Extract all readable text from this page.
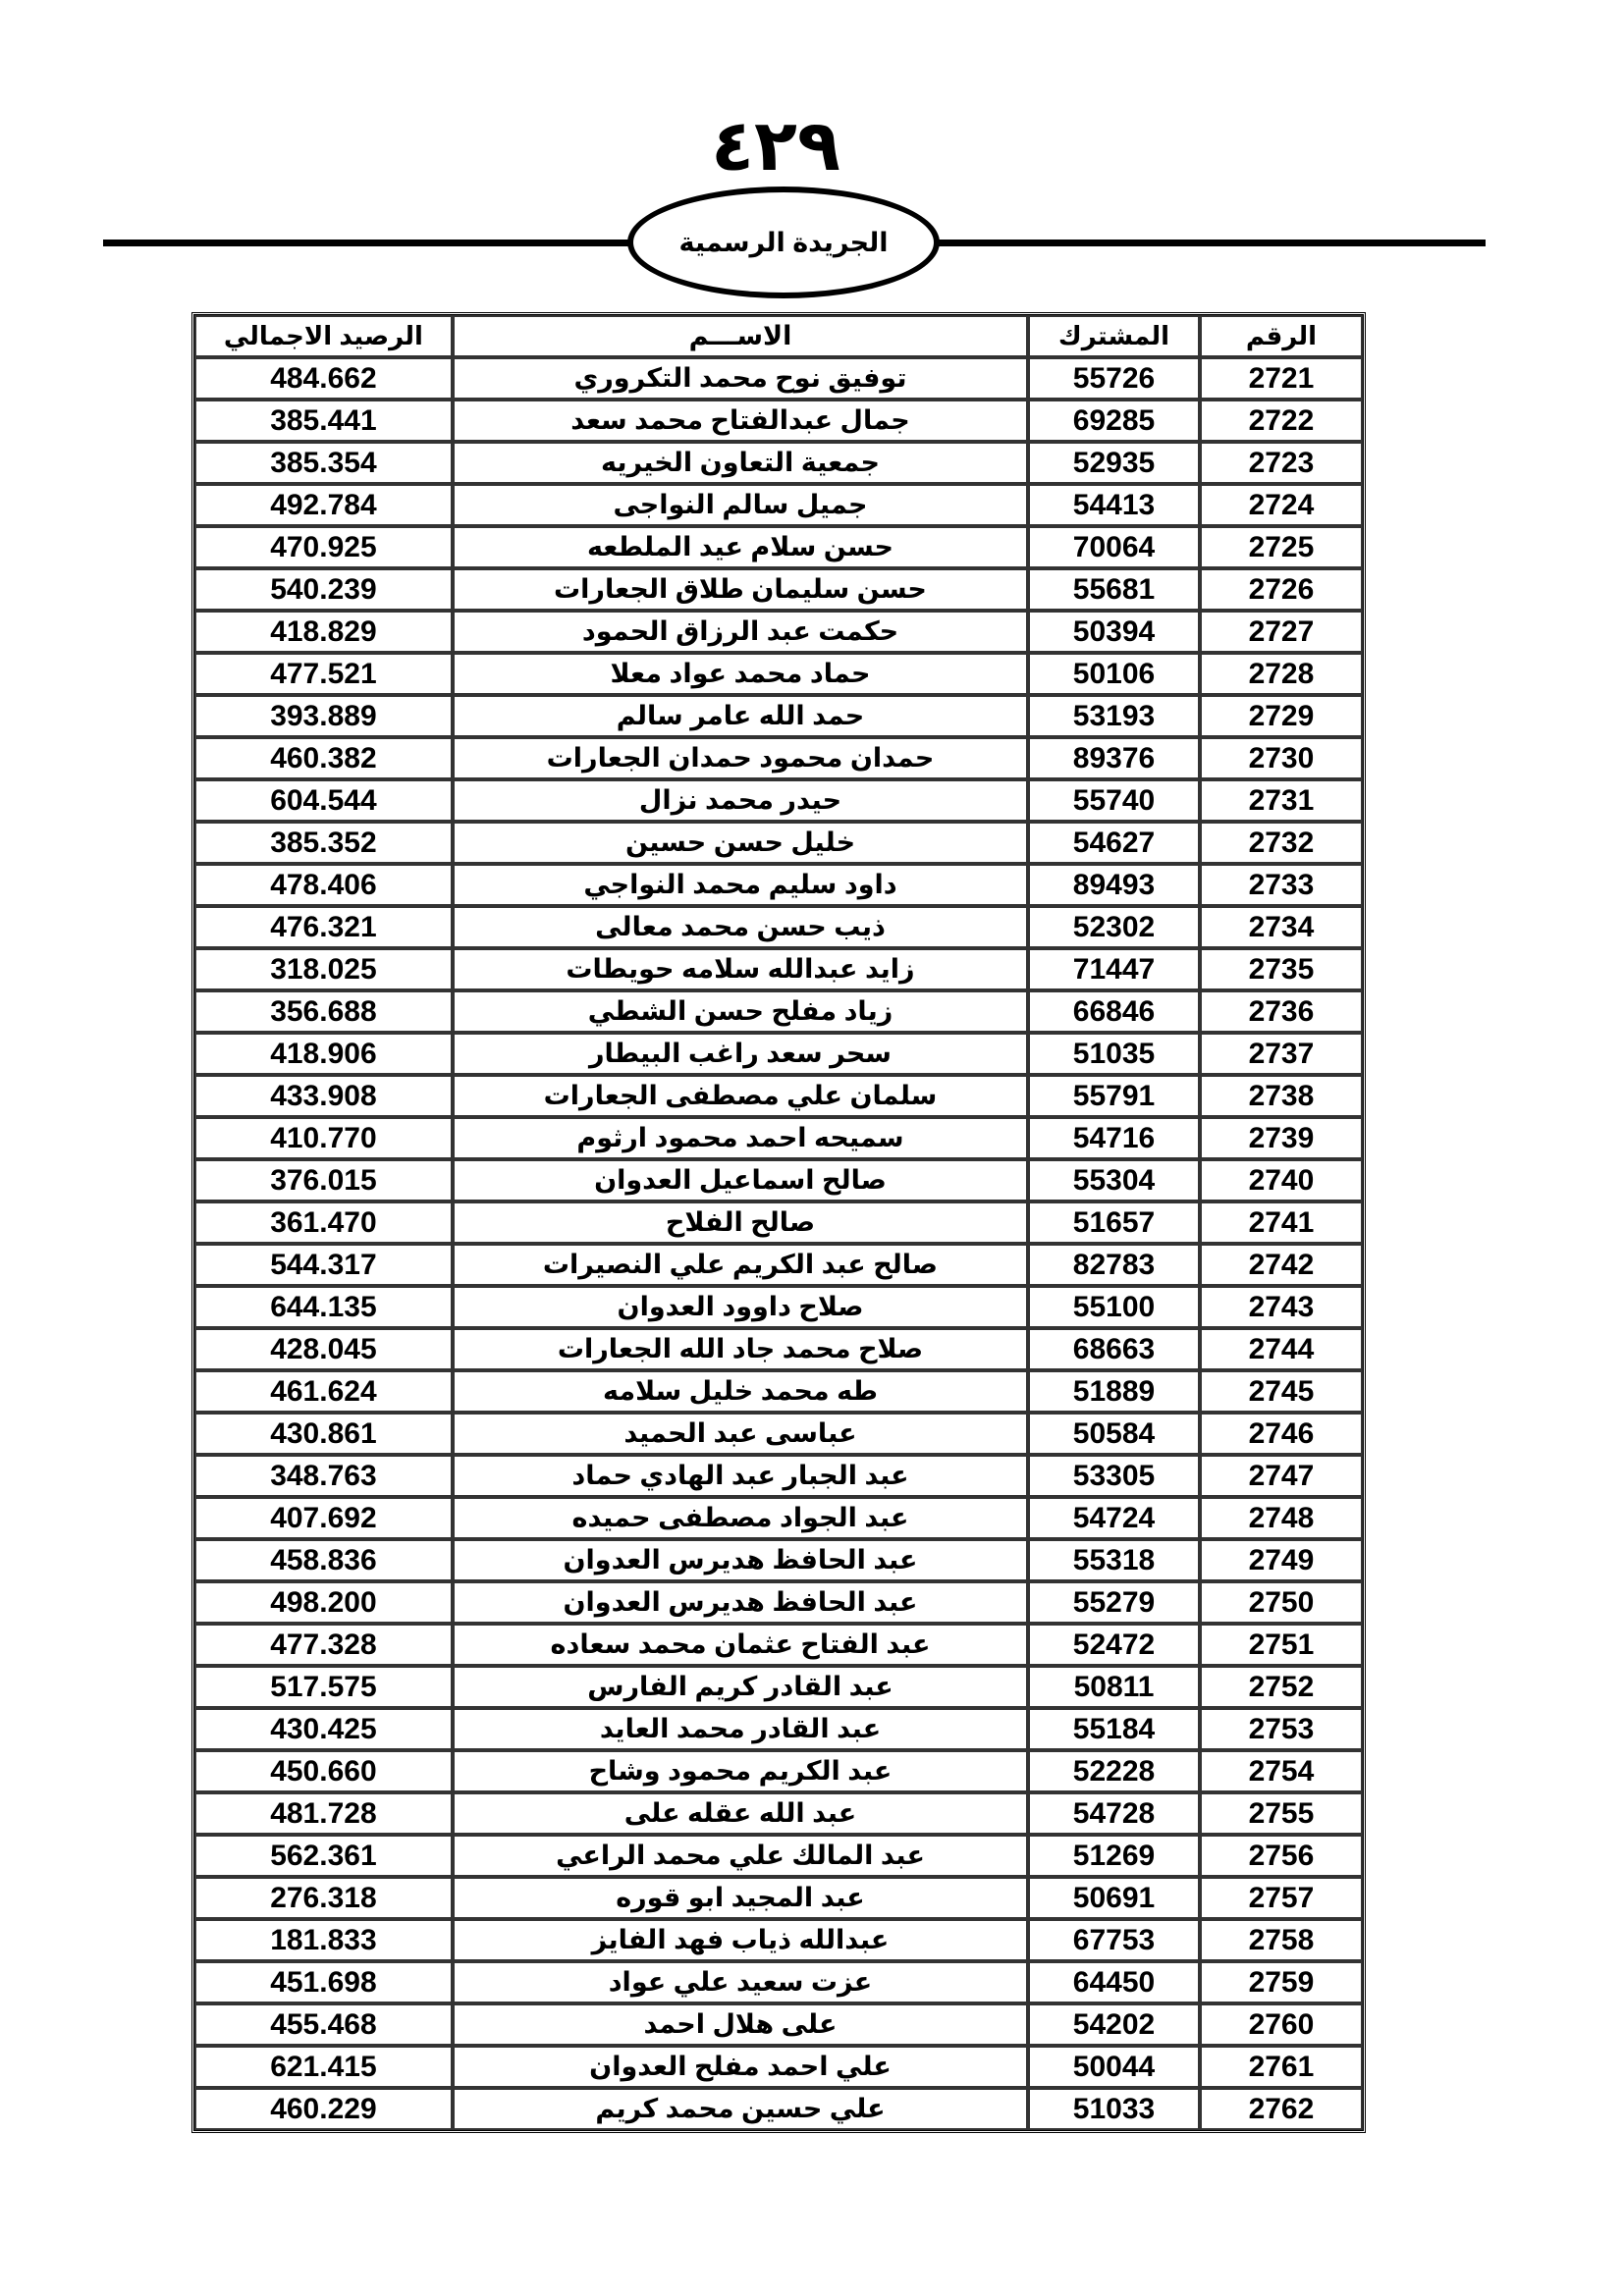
٤٢٩
الجريدة الرسمية
الرصيد الاجمالي	الاســـم	المشترك	الرقم
484.662	توفيق نوح محمد التكروري	55726	2721
385.441	جمال عبدالفتاح محمد سعد	69285	2722
385.354	جمعية التعاون الخيريه	52935	2723
492.784	جميل سالم النواجى	54413	2724
470.925	حسن سلام عيد الملطعه	70064	2725
540.239	حسن سليمان طلاق الجعارات	55681	2726
418.829	حكمت عبد الرزاق الحمود	50394	2727
477.521	حماد محمد عواد معلا	50106	2728
393.889	حمد الله عامر سالم	53193	2729
460.382	حمدان محمود حمدان الجعارات	89376	2730
604.544	حيدر محمد نزال	55740	2731
385.352	خليل حسن حسين	54627	2732
478.406	داود سليم محمد النواجي	89493	2733
476.321	ذيب حسن محمد معالى	52302	2734
318.025	زايد عبدالله سلامه حويطات	71447	2735
356.688	زياد مفلح حسن الشطي	66846	2736
418.906	سحر سعد راغب البيطار	51035	2737
433.908	سلمان علي مصطفى الجعارات	55791	2738
410.770	سميحه احمد محمود ارثوم	54716	2739
376.015	صالح اسماعيل العدوان	55304	2740
361.470	صالح الفلاح	51657	2741
544.317	صالح عبد الكريم علي النصيرات	82783	2742
644.135	صلاح داوود العدوان	55100	2743
428.045	صلاح محمد جاد الله الجعارات	68663	2744
461.624	طه محمد خليل سلامه	51889	2745
430.861	عباسى عبد الحميد	50584	2746
348.763	عبد الجبار عبد الهادي حماد	53305	2747
407.692	عبد الجواد مصطفى حميده	54724	2748
458.836	عبد الحافظ هديرس العدوان	55318	2749
498.200	عبد الحافظ هديرس العدوان	55279	2750
477.328	عبد الفتاح عثمان محمد سعاده	52472	2751
517.575	عبد القادر كريم الفارس	50811	2752
430.425	عبد القادر محمد العايد	55184	2753
450.660	عبد الكريم محمود وشاح	52228	2754
481.728	عبد الله عقله على	54728	2755
562.361	عبد المالك علي محمد الراعي	51269	2756
276.318	عبد المجيد ابو قوره	50691	2757
181.833	عبدالله ذياب فهد الفايز	67753	2758
451.698	عزت سعيد علي عواد	64450	2759
455.468	على هلال احمد	54202	2760
621.415	علي احمد مفلح العدوان	50044	2761
460.229	علي حسين محمد كريم	51033	2762
